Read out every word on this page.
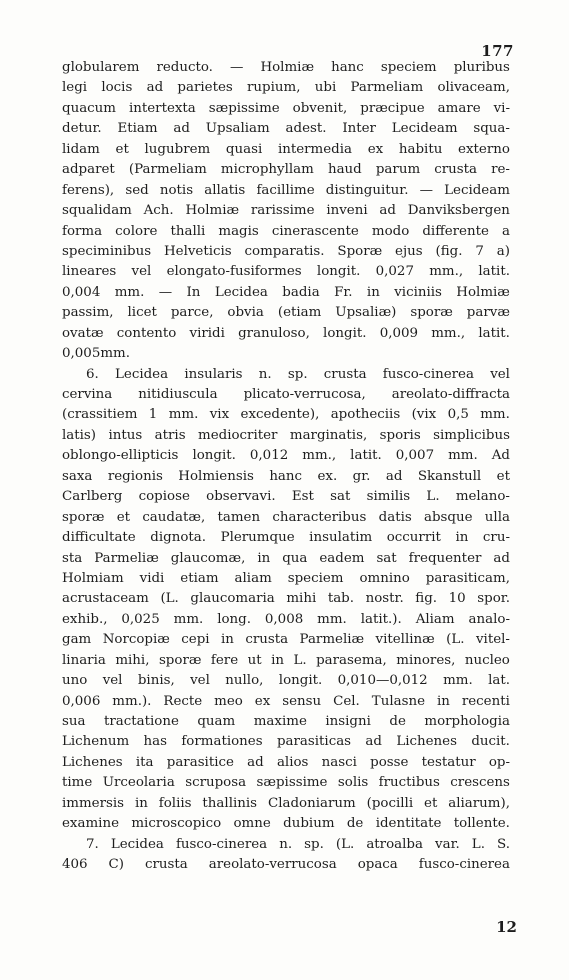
177
globularem reducto. — Holmiæ hanc speciem pluribus
legi locis ad parietes rupium, ubi Parmeliam olivaceam,
quacum intertexta sæpissime obvenit, præcipue amare vi-
detur. Etiam ad Upsaliam adest. Inter Lecideam squa-
lidam et lugubrem quasi intermedia ex habitu externo
adparet (Parmeliam microphyllam haud parum crusta re-
ferens), sed notis allatis facillime distinguitur. — Lecideam
squalidam Ach. Holmiæ rarissime inveni ad Danviksbergen
forma colore thalli magis cinerascente modo differente a
speciminibus Helveticis comparatis. Sporæ ejus (fig. 7 a)
lineares vel elongato-fusiformes longit. 0,027 mm., latit.
0,004 mm. — In Lecidea badia Fr. in viciniis Holmiæ
passim, licet parce, obvia (etiam Upsaliæ) sporæ parvæ
ovatæ contento viridi granuloso, longit. 0,009 mm., latit.
0,005 mm.
6. Lecidea insularis n. sp. crusta fusco-cinerea vel
cervina nitidiuscula plicato-verrucosa, areolato-diffracta
(crassitiem 1 mm. vix excedente), apotheciis (vix 0,5 mm.
latis) intus atris mediocriter marginatis, sporis simplicibus
oblongo-ellipticis longit. 0,012 mm., latit. 0,007 mm. Ad
saxa regionis Holmiensis hanc ex. gr. ad Skanstull et
Carlberg copiose observavi. Est sat similis L. melano-
sporæ et caudatæ, tamen characteribus datis absque ulla
difficultate dignota. Plerumque insulatim occurrit in cru-
sta Parmeliæ glaucomæ, in qua eadem sat frequenter ad
Holmiam vidi etiam aliam speciem omnino parasiticam,
acrustaceam (L. glaucomaria mihi tab. nostr. fig. 10 spor.
exhib., 0,025 mm. long. 0,008 mm. latit.). Aliam analo-
gam Norcopiæ cepi in crusta Parmeliæ vitellinæ (L. vitel-
linaria mihi, sporæ fere ut in L. parasema, minores, nucleo
uno vel binis, vel nullo, longit. 0,010—0,012 mm. lat.
0,006 mm.). Recte meo ex sensu Cel. Tulasne in recenti
sua tractatione quam maxime insigni de morphologia
Lichenum has formationes parasiticas ad Lichenes ducit.
Lichenes ita parasitice ad alios nasci posse testatur op-
time Urceolaria scruposa sæpissime solis fructibus crescens
immersis in foliis thallinis Cladoniarum (pocilli et aliarum),
examine microscopico omne dubium de identitate tollente.
7. Lecidea fusco-cinerea n. sp. (L. atroalba var. L. S.
406 C) crusta areolato-verrucosa opaca fusco-cinerea
12
